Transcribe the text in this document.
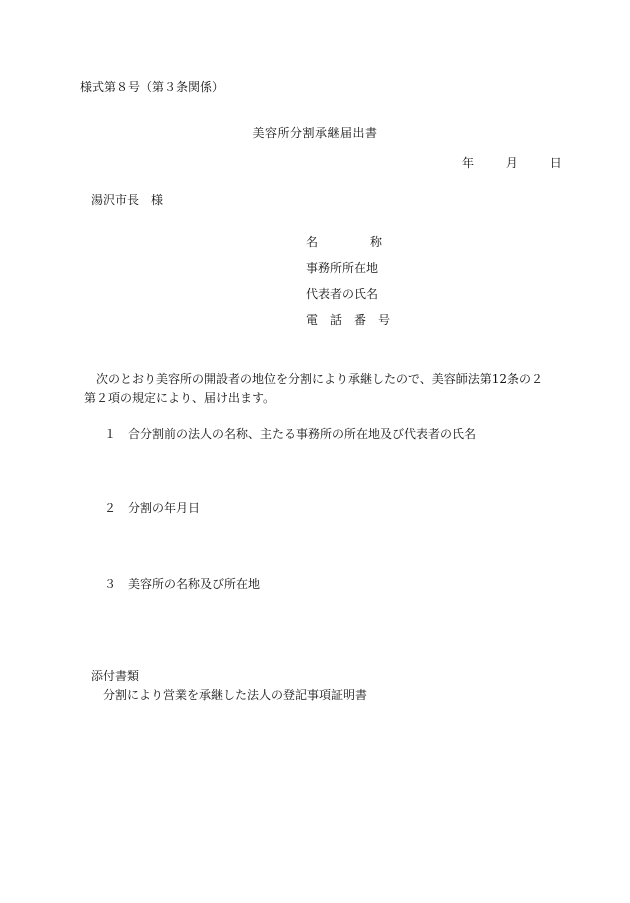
様式第８号（第３条関係）
美容所分割承継届出書
年	月	日
湯沢市長 様
名	称
事務所所在地
代表者の氏名
電　話　番　号
次のとおり美容所の開設者の地位を分割により承継したので、美容師法第12条の２
第２項の規定により、届け出ます。
１ 合分割前の法人の名称、主たる事務所の所在地及び代表者の氏名
２ 分割の年月日
３ 美容所の名称及び所在地
添付書類
分割により営業を承継した法人の登記事項証明書
